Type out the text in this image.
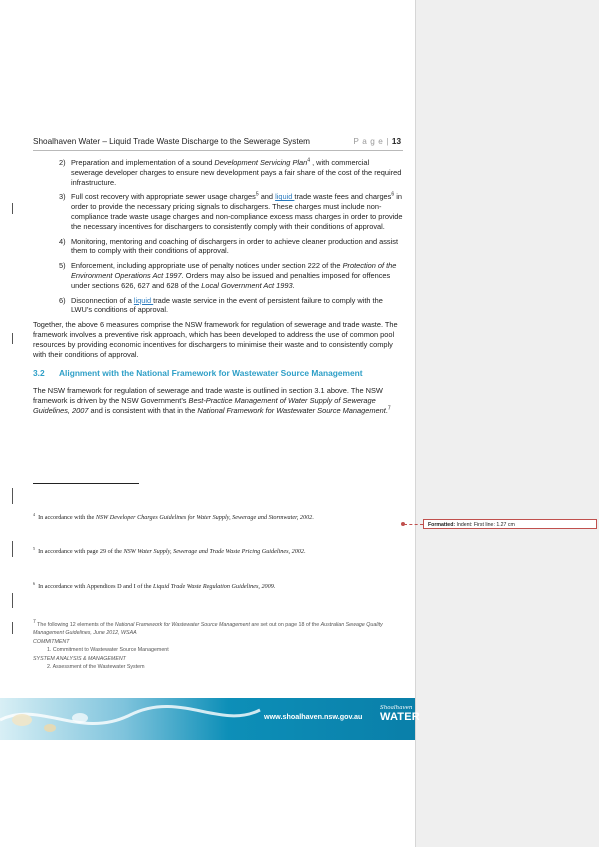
Shoalhaven Water – Liquid Trade Waste Discharge to the Sewerage System	P a g e | 13
2) Preparation and implementation of a sound Development Servicing Plan$^4$ , with commercial sewerage developer charges to ensure new development pays a fair share of the cost of the required infrastructure.
3) Full cost recovery with appropriate sewer usage charges$^5$ and liquid trade waste fees and charges$^6$ in order to provide the necessary pricing signals to dischargers. These charges must include non-compliance trade waste usage charges and non-compliance excess mass charges in order to provide the necessary incentives for dischargers to consistently comply with their conditions of approval.
4) Monitoring, mentoring and coaching of dischargers in order to achieve cleaner production and assist them to comply with their conditions of approval.
5) Enforcement, including appropriate use of penalty notices under section 222 of the Protection of the Environment Operations Act 1997. Orders may also be issued and penalties imposed for offences under sections 626, 627 and 628 of the Local Government Act 1993.
6) Disconnection of a liquid trade waste service in the event of persistent failure to comply with the LWU’s conditions of approval.

Together, the above 6 measures comprise the NSW framework for regulation of sewerage and trade waste. The framework involves a preventive risk approach, which has been developed to address the use of common pool resources by providing economic incentives for dischargers to minimise their waste and to consistently comply with their conditions of approval.

3.2 Alignment with the National Framework for Wastewater Source Management

The NSW framework for regulation of sewerage and trade waste is outlined in section 3.1 above. The NSW framework is driven by the NSW Government’s Best-Practice Management of Water Supply of Sewerage Guidelines, 2007 and is consistent with that in the National Framework for Wastewater Source Management.$^7$

$^4$ In accordance with the NSW Developer Charges Guidelines for Water Supply, Sewerage and Stormwater, 2002.
$^5$ In accordance with page 29 of the NSW Water Supply, Sewerage and Trade Waste Pricing Guidelines, 2002.
$^6$ In accordance with Appendices D and I of the Liquid Trade Waste Regulation Guidelines, 2009.
$^7$ The following 12 elements of the National Framework for Wastewater Source Management are set out on page 18 of the Australian Sewage Quality Management Guidelines, June 2012, WSAA
COMMITMENT
1. Commitment to Wastewater Source Management
SYSTEM ANALYSIS & MANAGEMENT
2. Assessment of the Wastewater System
Formatted: Indent: First line: 1.27 cm
www.shoalhaven.nsw.gov.au
Shoalhaven
WATER
